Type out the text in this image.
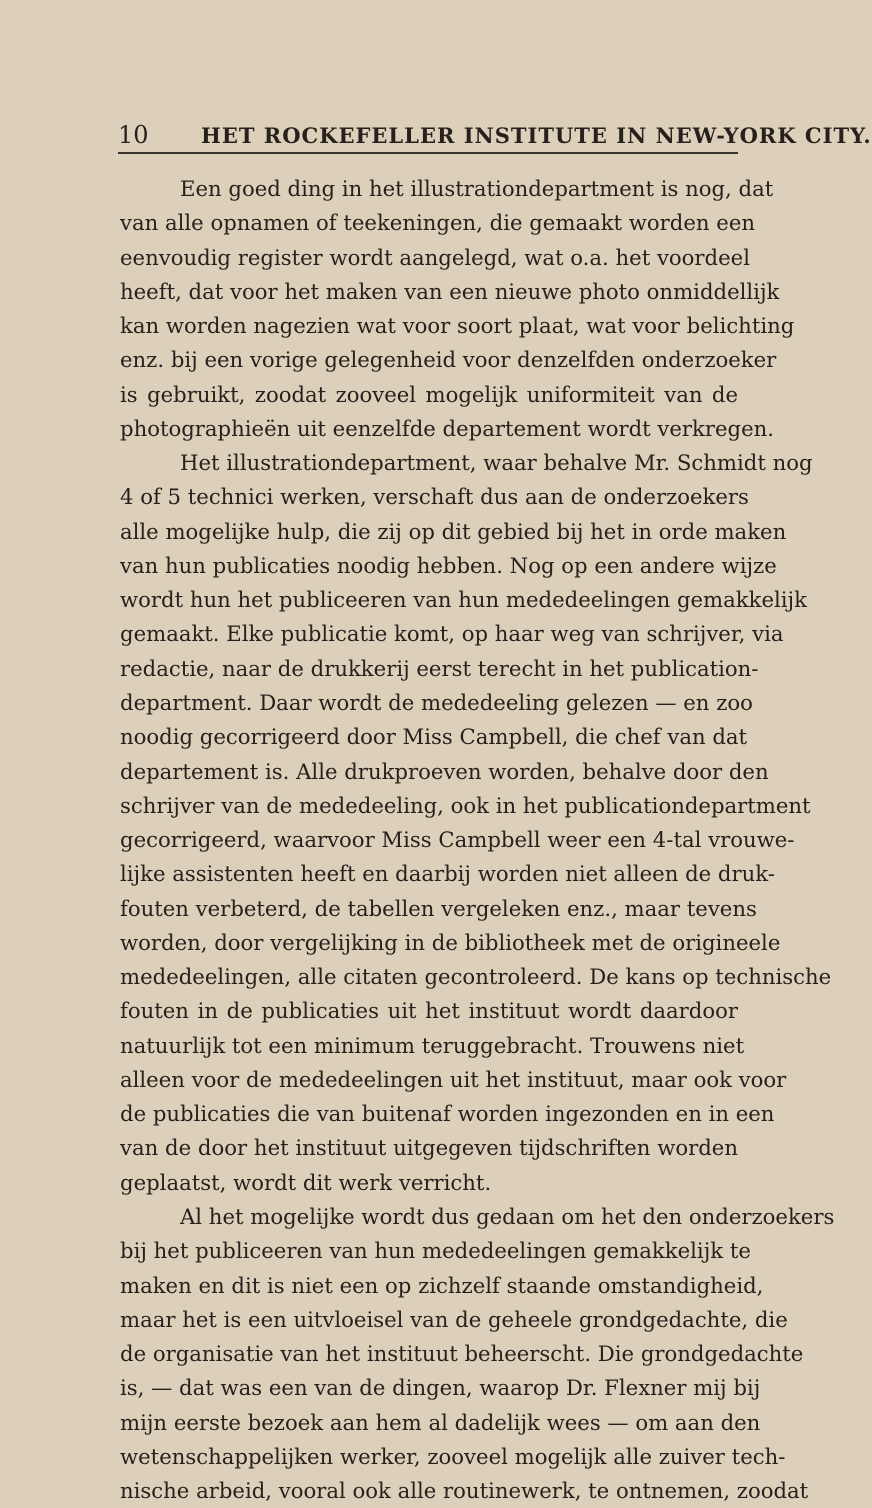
10 HET ROCKEFELLER INSTITUTE IN NEW-YORK CITY.
Een goed ding in het illustrationdepartment is nog, dat
van alle opnamen of teekeningen, die gemaakt worden een
eenvoudig register wordt aangelegd, wat o.a. het voordeel
heeft, dat voor het maken van een nieuwe photo onmiddellijk
kan worden nagezien wat voor soort plaat, wat voor belichting
enz. bij een vorige gelegenheid voor denzelfden onderzoeker
is gebruikt, zoodat zooveel mogelijk uniformiteit van de
photographieën uit eenzelfde departement wordt verkregen.
Het illustrationdepartment, waar behalve Mr. Schmidt nog
4 of 5 technici werken, verschaft dus aan de onderzoekers
alle mogelijke hulp, die zij op dit gebied bij het in orde maken
van hun publicaties noodig hebben. Nog op een andere wijze
wordt hun het publiceeren van hun mededeelingen gemakkelijk
gemaakt. Elke publicatie komt, op haar weg van schrijver, via
redactie, naar de drukkerij eerst terecht in het publication-
department. Daar wordt de mededeeling gelezen — en zoo
noodig gecorrigeerd door Miss Campbell, die chef van dat
departement is. Alle drukproeven worden, behalve door den
schrijver van de mededeeling, ook in het publicationdepartment
gecorrigeerd, waarvoor Miss Campbell weer een 4-tal vrouwe-
lijke assistenten heeft en daarbij worden niet alleen de druk-
fouten verbeterd, de tabellen vergeleken enz., maar tevens
worden, door vergelijking in de bibliotheek met de origineele
mededeelingen, alle citaten gecontroleerd. De kans op technische
fouten in de publicaties uit het instituut wordt daardoor
natuurlijk tot een minimum teruggebracht. Trouwens niet
alleen voor de mededeelingen uit het instituut, maar ook voor
de publicaties die van buitenaf worden ingezonden en in een
van de door het instituut uitgegeven tijdschriften worden
geplaatst, wordt dit werk verricht.
Al het mogelijke wordt dus gedaan om het den onderzoekers
bij het publiceeren van hun mededeelingen gemakkelijk te
maken en dit is niet een op zichzelf staande omstandigheid,
maar het is een uitvloeisel van de geheele grondgedachte, die
de organisatie van het instituut beheerscht. Die grondgedachte
is, — dat was een van de dingen, waarop Dr. Flexner mij bij
mijn eerste bezoek aan hem al dadelijk wees — om aan den
wetenschappelijken werker, zooveel mogelijk alle zuiver tech-
nische arbeid, vooral ook alle routinewerk, te ontnemen, zoodat
